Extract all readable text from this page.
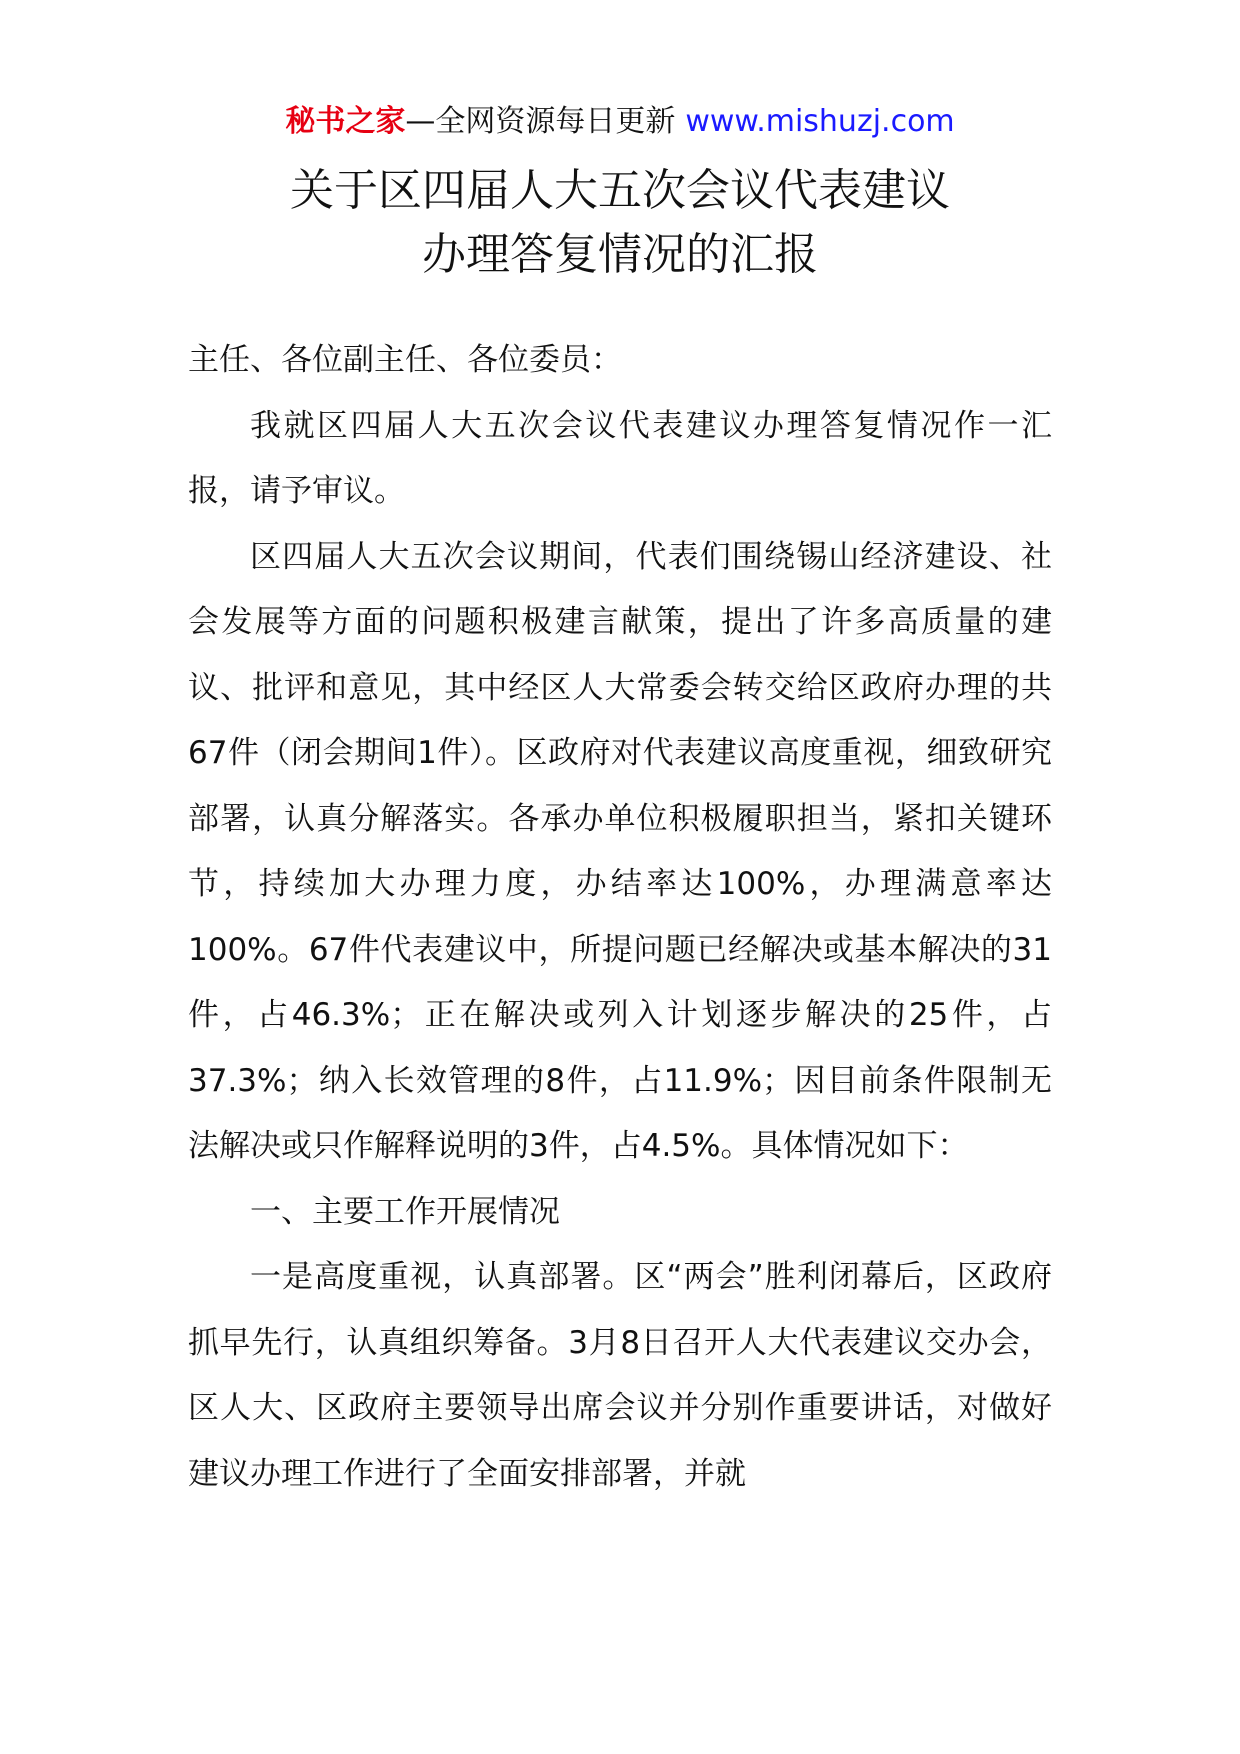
秘书之家—全网资源每日更新 www.mishuzj.com
关于区四届人大五次会议代表建议
办理答复情况的汇报

主任、各位副主任、各位委员：

我就区四届人大五次会议代表建议办理答复情况作一汇报，请予审议。

区四届人大五次会议期间，代表们围绕锡山经济建设、社会发展等方面的问题积极建言献策，提出了许多高质量的建议、批评和意见，其中经区人大常委会转交给区政府办理的共67件（闭会期间1件）。区政府对代表建议高度重视，细致研究部署，认真分解落实。各承办单位积极履职担当，紧扣关键环节，持续加大办理力度，办结率达100%，办理满意率达100%。67件代表建议中，所提问题已经解决或基本解决的31件，占46.3%；正在解决或列入计划逐步解决的25件，占37.3%；纳入长效管理的8件，占11.9%；因目前条件限制无法解决或只作解释说明的3件，占4.5%。具体情况如下：

一、主要工作开展情况

一是高度重视，认真部署。区“两会”胜利闭幕后，区政府抓早先行，认真组织筹备。3月8日召开人大代表建议交办会，区人大、区政府主要领导出席会议并分别作重要讲话，对做好建议办理工作进行了全面安排部署，并就
